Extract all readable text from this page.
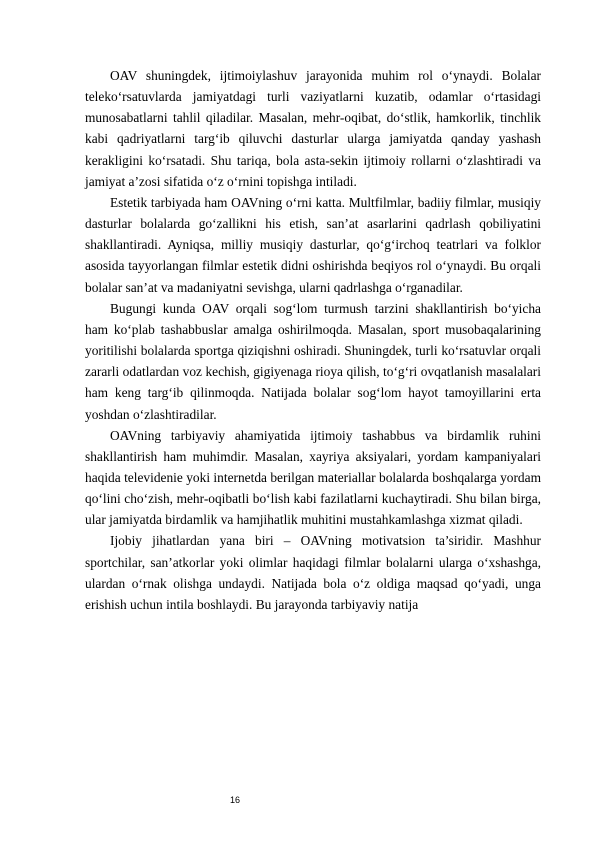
OAV shuningdek, ijtimoiylashuv jarayonida muhim rol o‘ynaydi. Bolalar teleko‘rsatuvlarda jamiyatdagi turli vaziyatlarni kuzatib, odamlar o‘rtasidagi munosabatlarni tahlil qiladilar. Masalan, mehr-oqibat, do‘stlik, hamkorlik, tinchlik kabi qadriyatlarni targ‘ib qiluvchi dasturlar ularga jamiyatda qanday yashash kerakligini ko‘rsatadi. Shu tariqa, bola asta-sekin ijtimoiy rollarni o‘zlashtiradi va jamiyat a’zosi sifatida o‘z o‘rnini topishga intiladi.

Estetik tarbiyada ham OAVning o‘rni katta. Multfilmlar, badiiy filmlar, musiqiy dasturlar bolalarda go‘zallikni his etish, san’at asarlarini qadrlash qobiliyatini shakllantiradi. Ayniqsa, milliy musiqiy dasturlar, qo‘g‘irchoq teatrlari va folklor asosida tayyorlangan filmlar estetik didni oshirishda beqiyos rol o‘ynaydi. Bu orqali bolalar san’at va madaniyatni sevishga, ularni qadrlashga o‘rganadilar.

Bugungi kunda OAV orqali sog‘lom turmush tarzini shakllantirish bo‘yicha ham ko‘plab tashabbuslar amalga oshirilmoqda. Masalan, sport musobaqalarining yoritilishi bolalarda sportga qiziqishni oshiradi. Shuningdek, turli ko‘rsatuvlar orqali zararli odatlardan voz kechish, gigiyenaga rioya qilish, to‘g‘ri ovqatlanish masalalari ham keng targ‘ib qilinmoqda. Natijada bolalar sog‘lom hayot tamoyillarini erta yoshdan o‘zlashtiradilar.

OAVning tarbiyaviy ahamiyatida ijtimoiy tashabbus va birdamlik ruhini shakllantirish ham muhimdir. Masalan, xayriya aksiyalari, yordam kampaniyalari haqida televidenie yoki internetda berilgan materiallar bolalarda boshqalarga yordam qo‘lini cho‘zish, mehr-oqibatli bo‘lish kabi fazilatlarni kuchaytiradi. Shu bilan birga, ular jamiyatda birdamlik va hamjihatlik muhitini mustahkamlashga xizmat qiladi.

Ijobiy jihatlardan yana biri – OAVning motivatsion ta’siridir. Mashhur sportchilar, san’atkorlar yoki olimlar haqidagi filmlar bolalarni ularga o‘xshashga, ulardan o‘rnak olishga undaydi. Natijada bola o‘z oldiga maqsad qo‘yadi, unga erishish uchun intila boshlaydi. Bu jarayonda tarbiyaviy natija

16
